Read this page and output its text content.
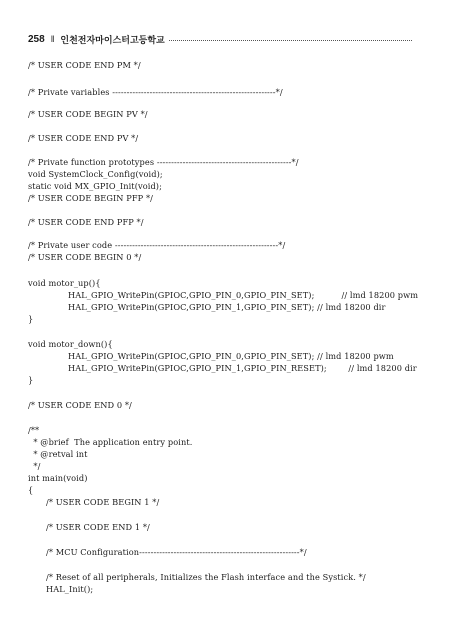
258 ‖ 인천전자마이스터고등학교
/* USER CODE END PM */
/* Private variables ---------------------------------------------------------*/
/* USER CODE BEGIN PV */
/* USER CODE END PV */
/* Private function prototypes -----------------------------------------------*/
void SystemClock_Config(void);
static void MX_GPIO_Init(void);
/* USER CODE BEGIN PFP */
/* USER CODE END PFP */
/* Private user code ---------------------------------------------------------*/
/* USER CODE BEGIN 0 */
void motor_up(){
HAL_GPIO_WritePin(GPIOC,GPIO_PIN_0,GPIO_PIN_SET);          // lmd 18200 pwm
HAL_GPIO_WritePin(GPIOC,GPIO_PIN_1,GPIO_PIN_SET); // lmd 18200 dir
}
void motor_down(){
HAL_GPIO_WritePin(GPIOC,GPIO_PIN_0,GPIO_PIN_SET); // lmd 18200 pwm
HAL_GPIO_WritePin(GPIOC,GPIO_PIN_1,GPIO_PIN_RESET);        // lmd 18200 dir
}
/* USER CODE END 0 */
/**
* @brief  The application entry point.
* @retval int
*/
int main(void)
{
/* USER CODE BEGIN 1 */
/* USER CODE END 1 */
/* MCU Configuration--------------------------------------------------------*/
/* Reset of all peripherals, Initializes the Flash interface and the Systick. */
HAL_Init();
